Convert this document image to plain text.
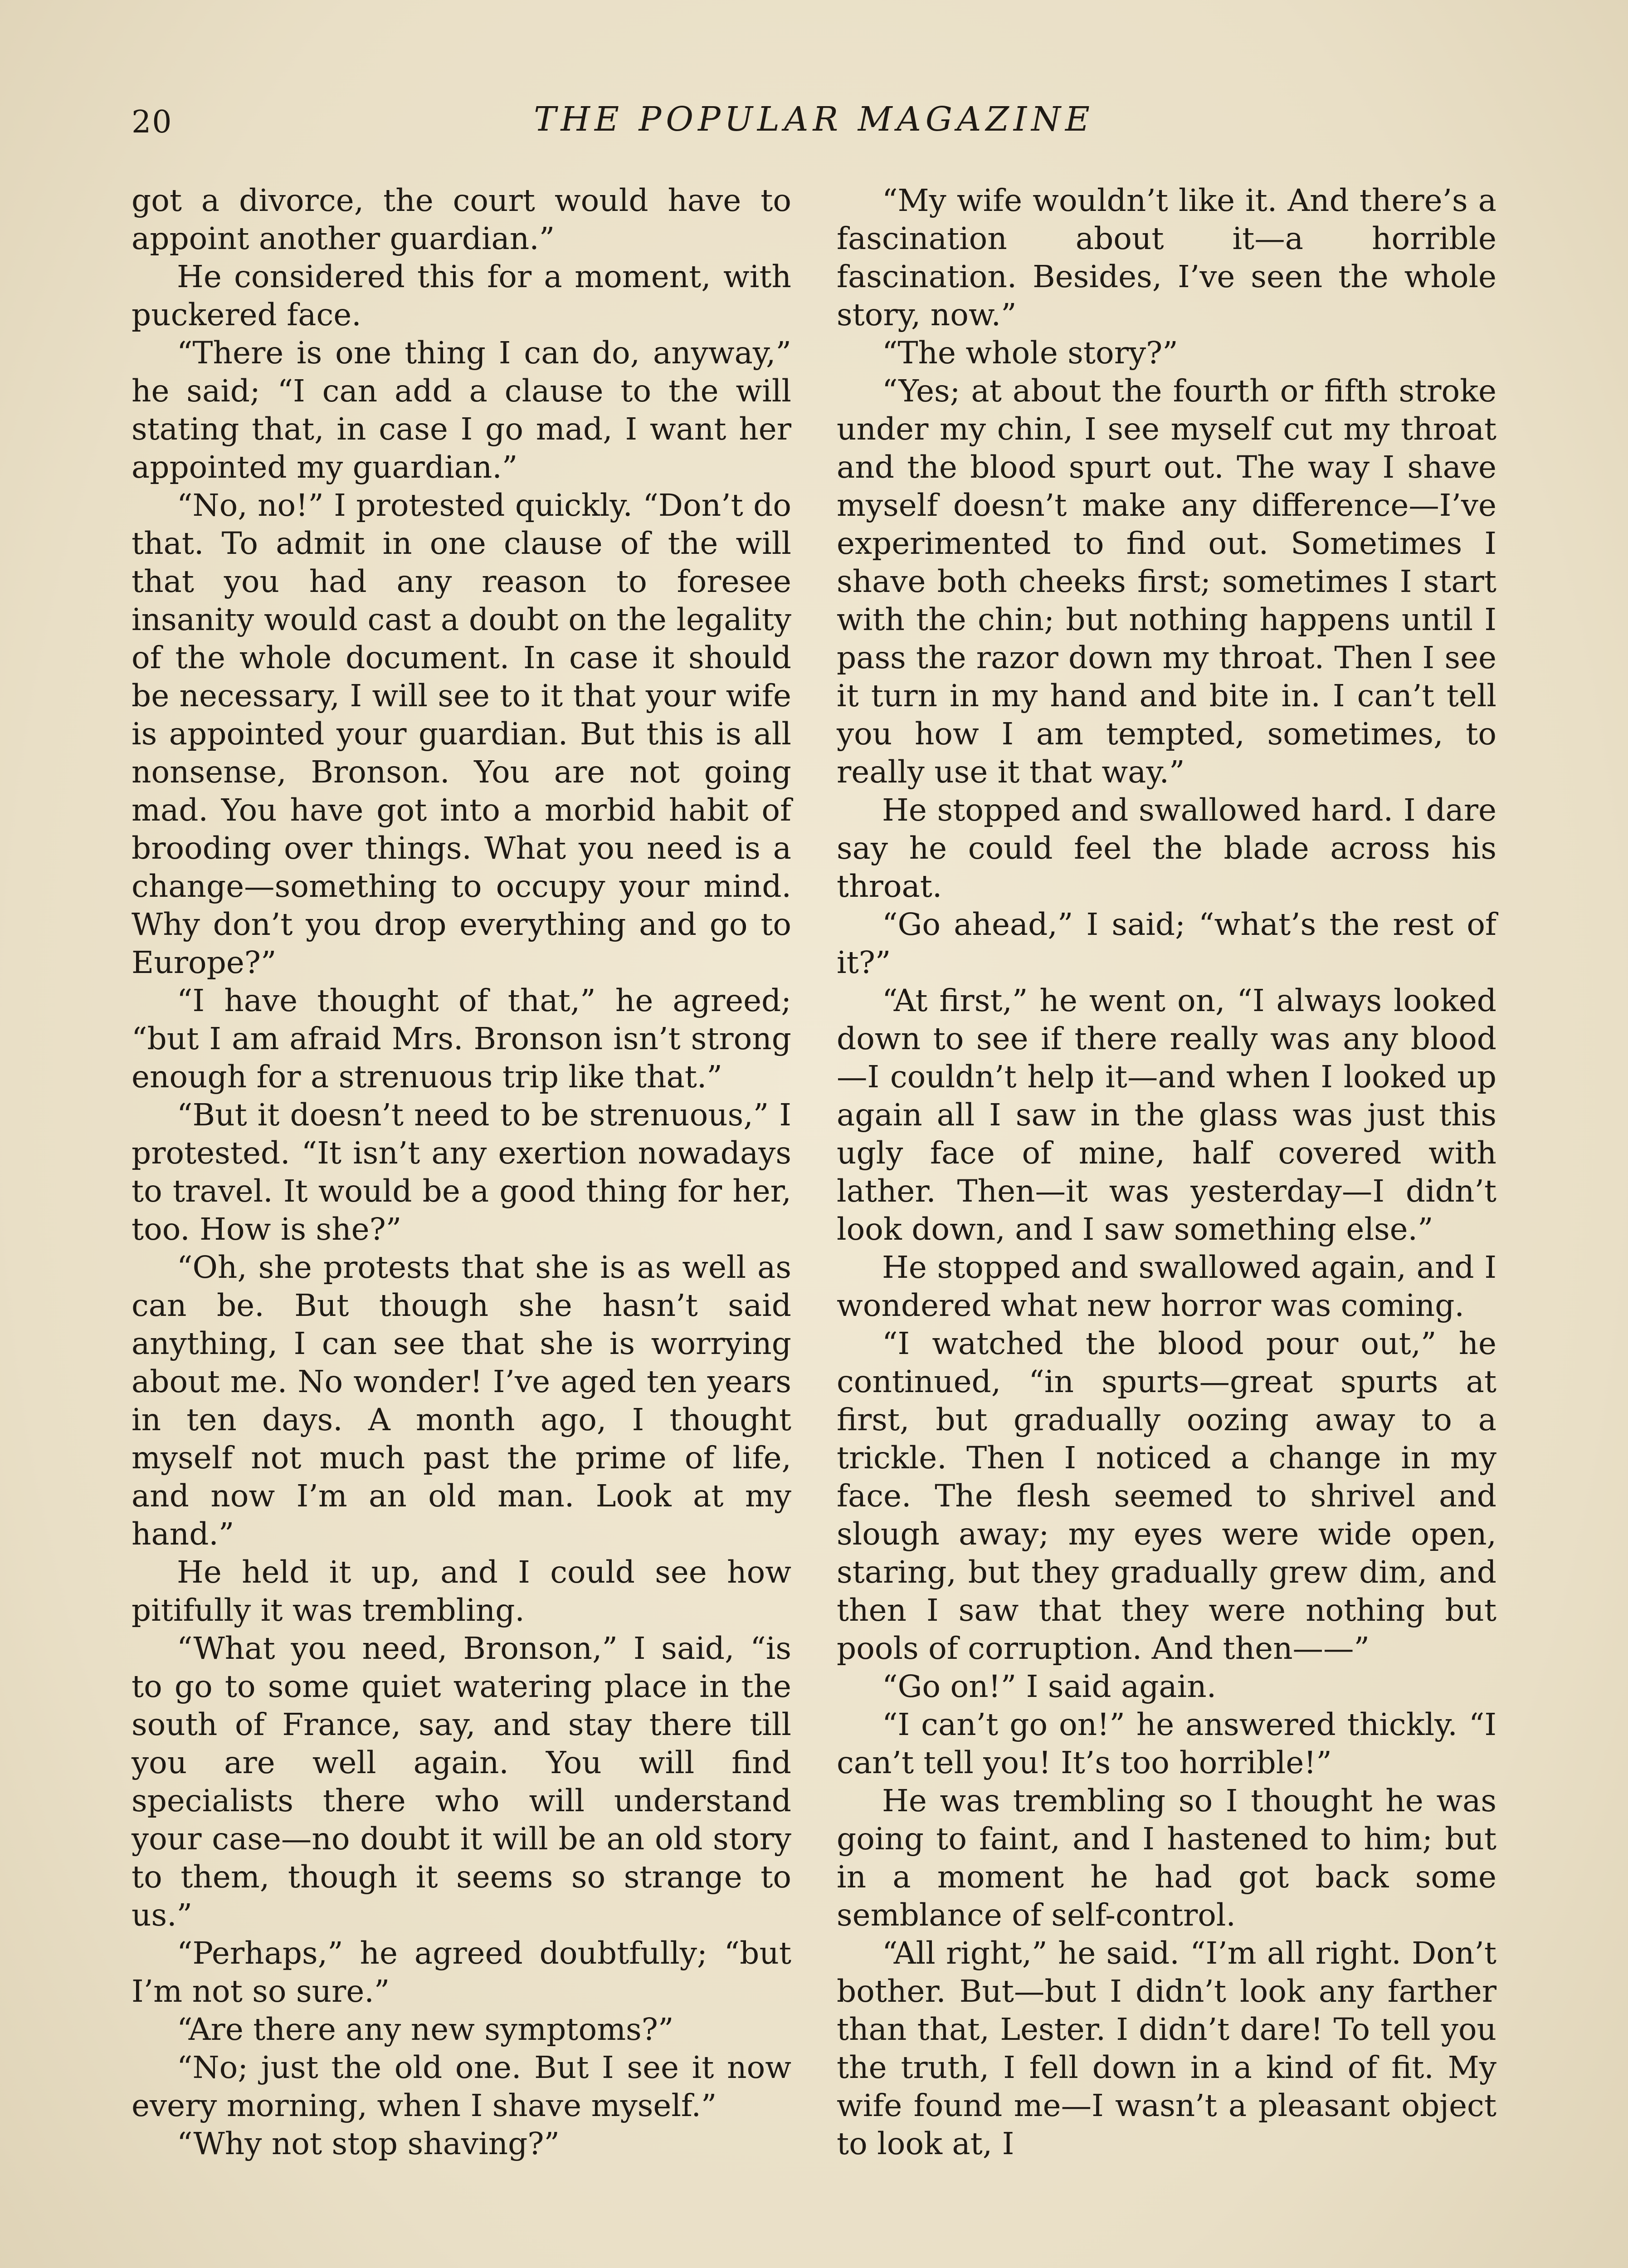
20	THE POPULAR MAGAZINE

got a divorce, the court would have to appoint another guardian.”

He considered this for a moment, with puckered face.

“There is one thing I can do, anyway,” he said; “I can add a clause to the will stating that, in case I go mad, I want her appointed my guardian.”

“No, no!” I protested quickly. “Don’t do that. To admit in one clause of the will that you had any reason to foresee insanity would cast a doubt on the legality of the whole document. In case it should be necessary, I will see to it that your wife is appointed your guardian. But this is all nonsense, Bronson. You are not going mad. You have got into a morbid habit of brooding over things. What you need is a change—something to occupy your mind. Why don’t you drop everything and go to Europe?”

“I have thought of that,” he agreed; “but I am afraid Mrs. Bronson isn’t strong enough for a strenuous trip like that.”

“But it doesn’t need to be strenuous,” I protested. “It isn’t any exertion nowadays to travel. It would be a good thing for her, too. How is she?”

“Oh, she protests that she is as well as can be. But though she hasn’t said anything, I can see that she is worrying about me. No wonder! I’ve aged ten years in ten days. A month ago, I thought myself not much past the prime of life, and now I’m an old man. Look at my hand.”

He held it up, and I could see how pitifully it was trembling.

“What you need, Bronson,” I said, “is to go to some quiet watering place in the south of France, say, and stay there till you are well again. You will find specialists there who will understand your case—no doubt it will be an old story to them, though it seems so strange to us.”

“Perhaps,” he agreed doubtfully; “but I’m not so sure.”

“Are there any new symptoms?”

“No; just the old one. But I see it now every morning, when I shave myself.”

“Why not stop shaving?”

“My wife wouldn’t like it. And there’s a fascination about it—a horrible fascination. Besides, I’ve seen the whole story, now.”

“The whole story?”

“Yes; at about the fourth or fifth stroke under my chin, I see myself cut my throat and the blood spurt out. The way I shave myself doesn’t make any difference—I’ve experimented to find out. Sometimes I shave both cheeks first; sometimes I start with the chin; but nothing happens until I pass the razor down my throat. Then I see it turn in my hand and bite in. I can’t tell you how I am tempted, sometimes, to really use it that way.”

He stopped and swallowed hard. I dare say he could feel the blade across his throat.

“Go ahead,” I said; “what’s the rest of it?”

“At first,” he went on, “I always looked down to see if there really was any blood—I couldn’t help it—and when I looked up again all I saw in the glass was just this ugly face of mine, half covered with lather. Then—it was yesterday—I didn’t look down, and I saw something else.”

He stopped and swallowed again, and I wondered what new horror was coming.

“I watched the blood pour out,” he continued, “in spurts—great spurts at first, but gradually oozing away to a trickle. Then I noticed a change in my face. The flesh seemed to shrivel and slough away; my eyes were wide open, staring, but they gradually grew dim, and then I saw that they were nothing but pools of corruption. And then——”

“Go on!” I said again.

“I can’t go on!” he answered thickly. “I can’t tell you! It’s too horrible!”

He was trembling so I thought he was going to faint, and I hastened to him; but in a moment he had got back some semblance of self-control.

“All right,” he said. “I’m all right. Don’t bother. But—but I didn’t look any farther than that, Lester. I didn’t dare! To tell you the truth, I fell down in a kind of fit. My wife found me—I wasn’t a pleasant object to look at, I
